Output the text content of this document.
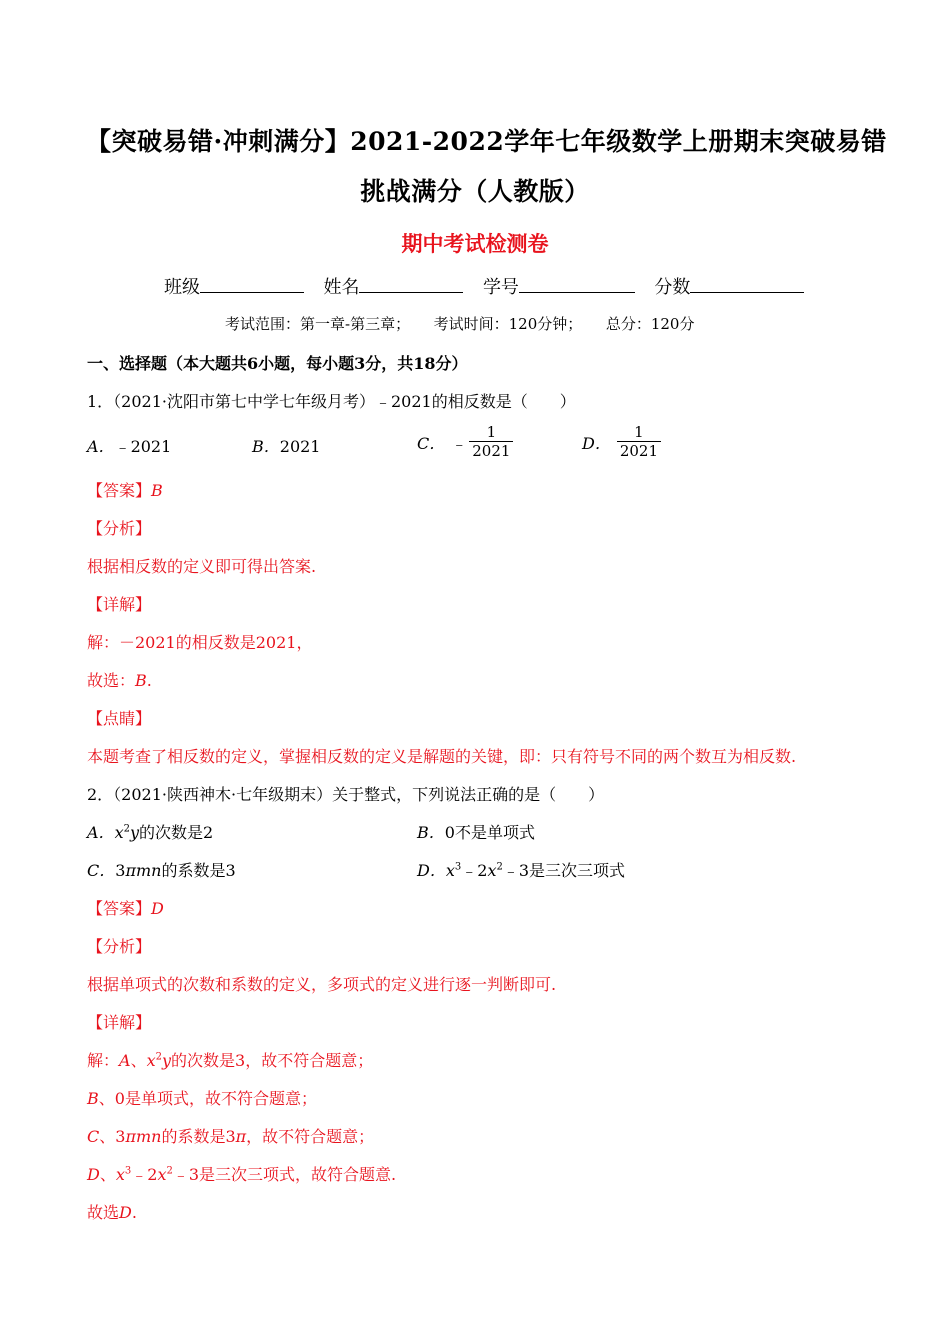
【突破易错·冲刺满分】2021-2022学年七年级数学上册期末突破易错
挑战满分（人教版）
期中考试检测卷
班级	姓名	学号	分数
考试范围：第一章-第三章； 考试时间：120分钟； 总分：120分
一、选择题（本大题共6小题，每小题3分，共18分）
1．（2021·沈阳市第七中学七年级月考）﹣2021的相反数是（　　）
A．﹣2021	B．2021	C． ﹣ $\frac{1}{2021}$	D． $\frac{1}{2021}$
【答案】B
【分析】
根据相反数的定义即可得出答案.
【详解】
解：－2021的相反数是2021，
故选：B.
【点睛】
本题考查了相反数的定义，掌握相反数的定义是解题的关键，即：只有符号不同的两个数互为相反数.
2．（2021·陕西神木·七年级期末）关于整式，下列说法正确的是（　　）
A．$x^2y$的次数是2	B．0不是单项式
C．3πmn的系数是3	D．$x^3﹣2x^2﹣3$是三次三项式
【答案】D
【分析】
根据单项式的次数和系数的定义，多项式的定义进行逐一判断即可.
【详解】
解：A、$x^2y$的次数是3，故不符合题意；
B、0是单项式，故不符合题意；
C、3πmn的系数是3π，故不符合题意；
D、$x^3﹣2x^2﹣3$是三次三项式，故符合题意.
故选D.
